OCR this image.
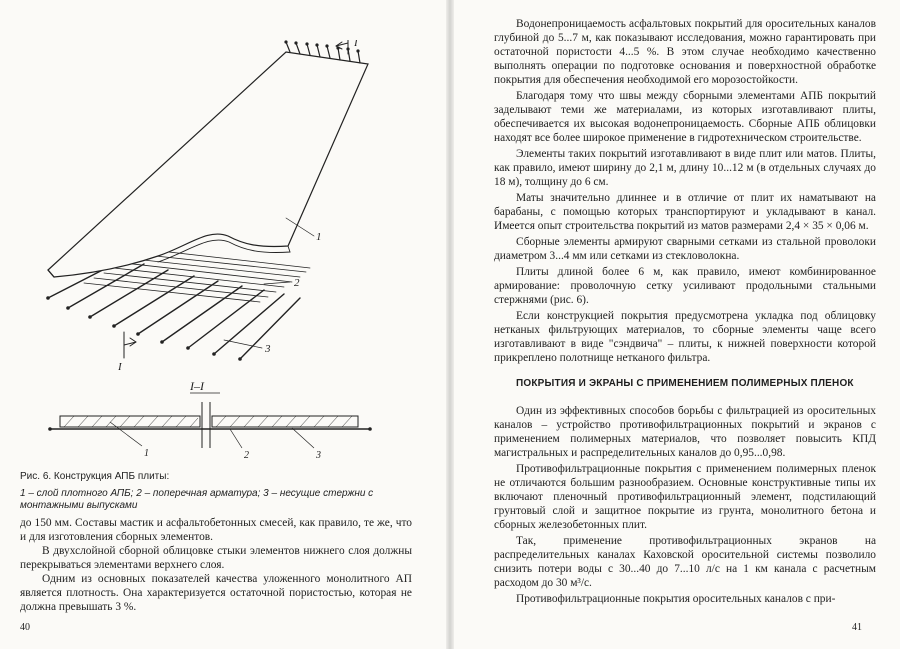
I
I
1
2
3
I–I
1	2	3
Рис. 6. Конструкция АПБ плиты:
1 – слой плотного АПБ; 2 – поперечная арматура; 3 – несущие стержни с монтажными выпусками

до 150 мм. Составы мастик и асфальтобетонных смесей, как правило, те же, что и для изготовления сборных элементов.

В двухслойной сборной облицовке стыки элементов нижнего слоя должны перекрываться элементами верхнего слоя.

Одним из основных показателей качества уложенного монолитного АП является плотность. Она характеризуется остаточной пористостью, которая не должна превышать 3 %.

40	41

Водонепроницаемость асфальтовых покрытий для оросительных каналов глубиной до 5...7 м, как показывают исследования, можно гарантировать при остаточной пористости 4...5 %. В этом случае необходимо качественно выполнять операции по подготовке основания и поверхностной обработке покрытия для обеспечения необходимой его морозостойкости.

Благодаря тому что швы между сборными элементами АПБ покрытий заделывают теми же материалами, из которых изготавливают плиты, обеспечивается их высокая водонепроницаемость. Сборные АПБ облицовки находят все более широкое применение в гидротехническом строительстве.

Элементы таких покрытий изготавливают в виде плит или матов. Плиты, как правило, имеют ширину до 2,1 м, длину 10...12 м (в отдельных случаях до 18 м), толщину до 6 см.

Маты значительно длиннее и в отличие от плит их наматывают на барабаны, с помощью которых транспортируют и укладывают в канал. Имеется опыт строительства покрытий из матов размерами 2,4 × 35 × 0,06 м.

Сборные элементы армируют сварными сетками из стальной проволоки диаметром 3...4 мм или сетками из стекловолокна.

Плиты длиной более 6 м, как правило, имеют комбинированное армирование: проволочную сетку усиливают продольными стальными стержнями (рис. 6).

Если конструкцией покрытия предусмотрена укладка под облицовку нетканых фильтрующих материалов, то сборные элементы чаще всего изготавливают в виде "сэндвича" – плиты, к нижней поверхности которой прикреплено полотнище нетканого фильтра.

ПОКРЫТИЯ И ЭКРАНЫ С ПРИМЕНЕНИЕМ ПОЛИМЕРНЫХ ПЛЕНОК

Один из эффективных способов борьбы с фильтрацией из оросительных каналов – устройство противофильтрационных покрытий и экранов с применением полимерных материалов, что позволяет повысить КПД магистральных и распределительных каналов до 0,95...0,98.

Противофильтрационные покрытия с применением полимерных пленок не отличаются большим разнообразием. Основные конструктивные типы их включают пленочный противофильтрационный элемент, подстилающий грунтовый слой и защитное покрытие из грунта, монолитного бетона и сборных железобетонных плит.

Так, применение противофильтрационных экранов на распределительных каналах Каховской оросительной системы позволило снизить потери воды с 30...40 до 7...10 л/с на 1 км канала с расчетным расходом до 30 м³/с.

Противофильтрационные покрытия оросительных каналов с при-
